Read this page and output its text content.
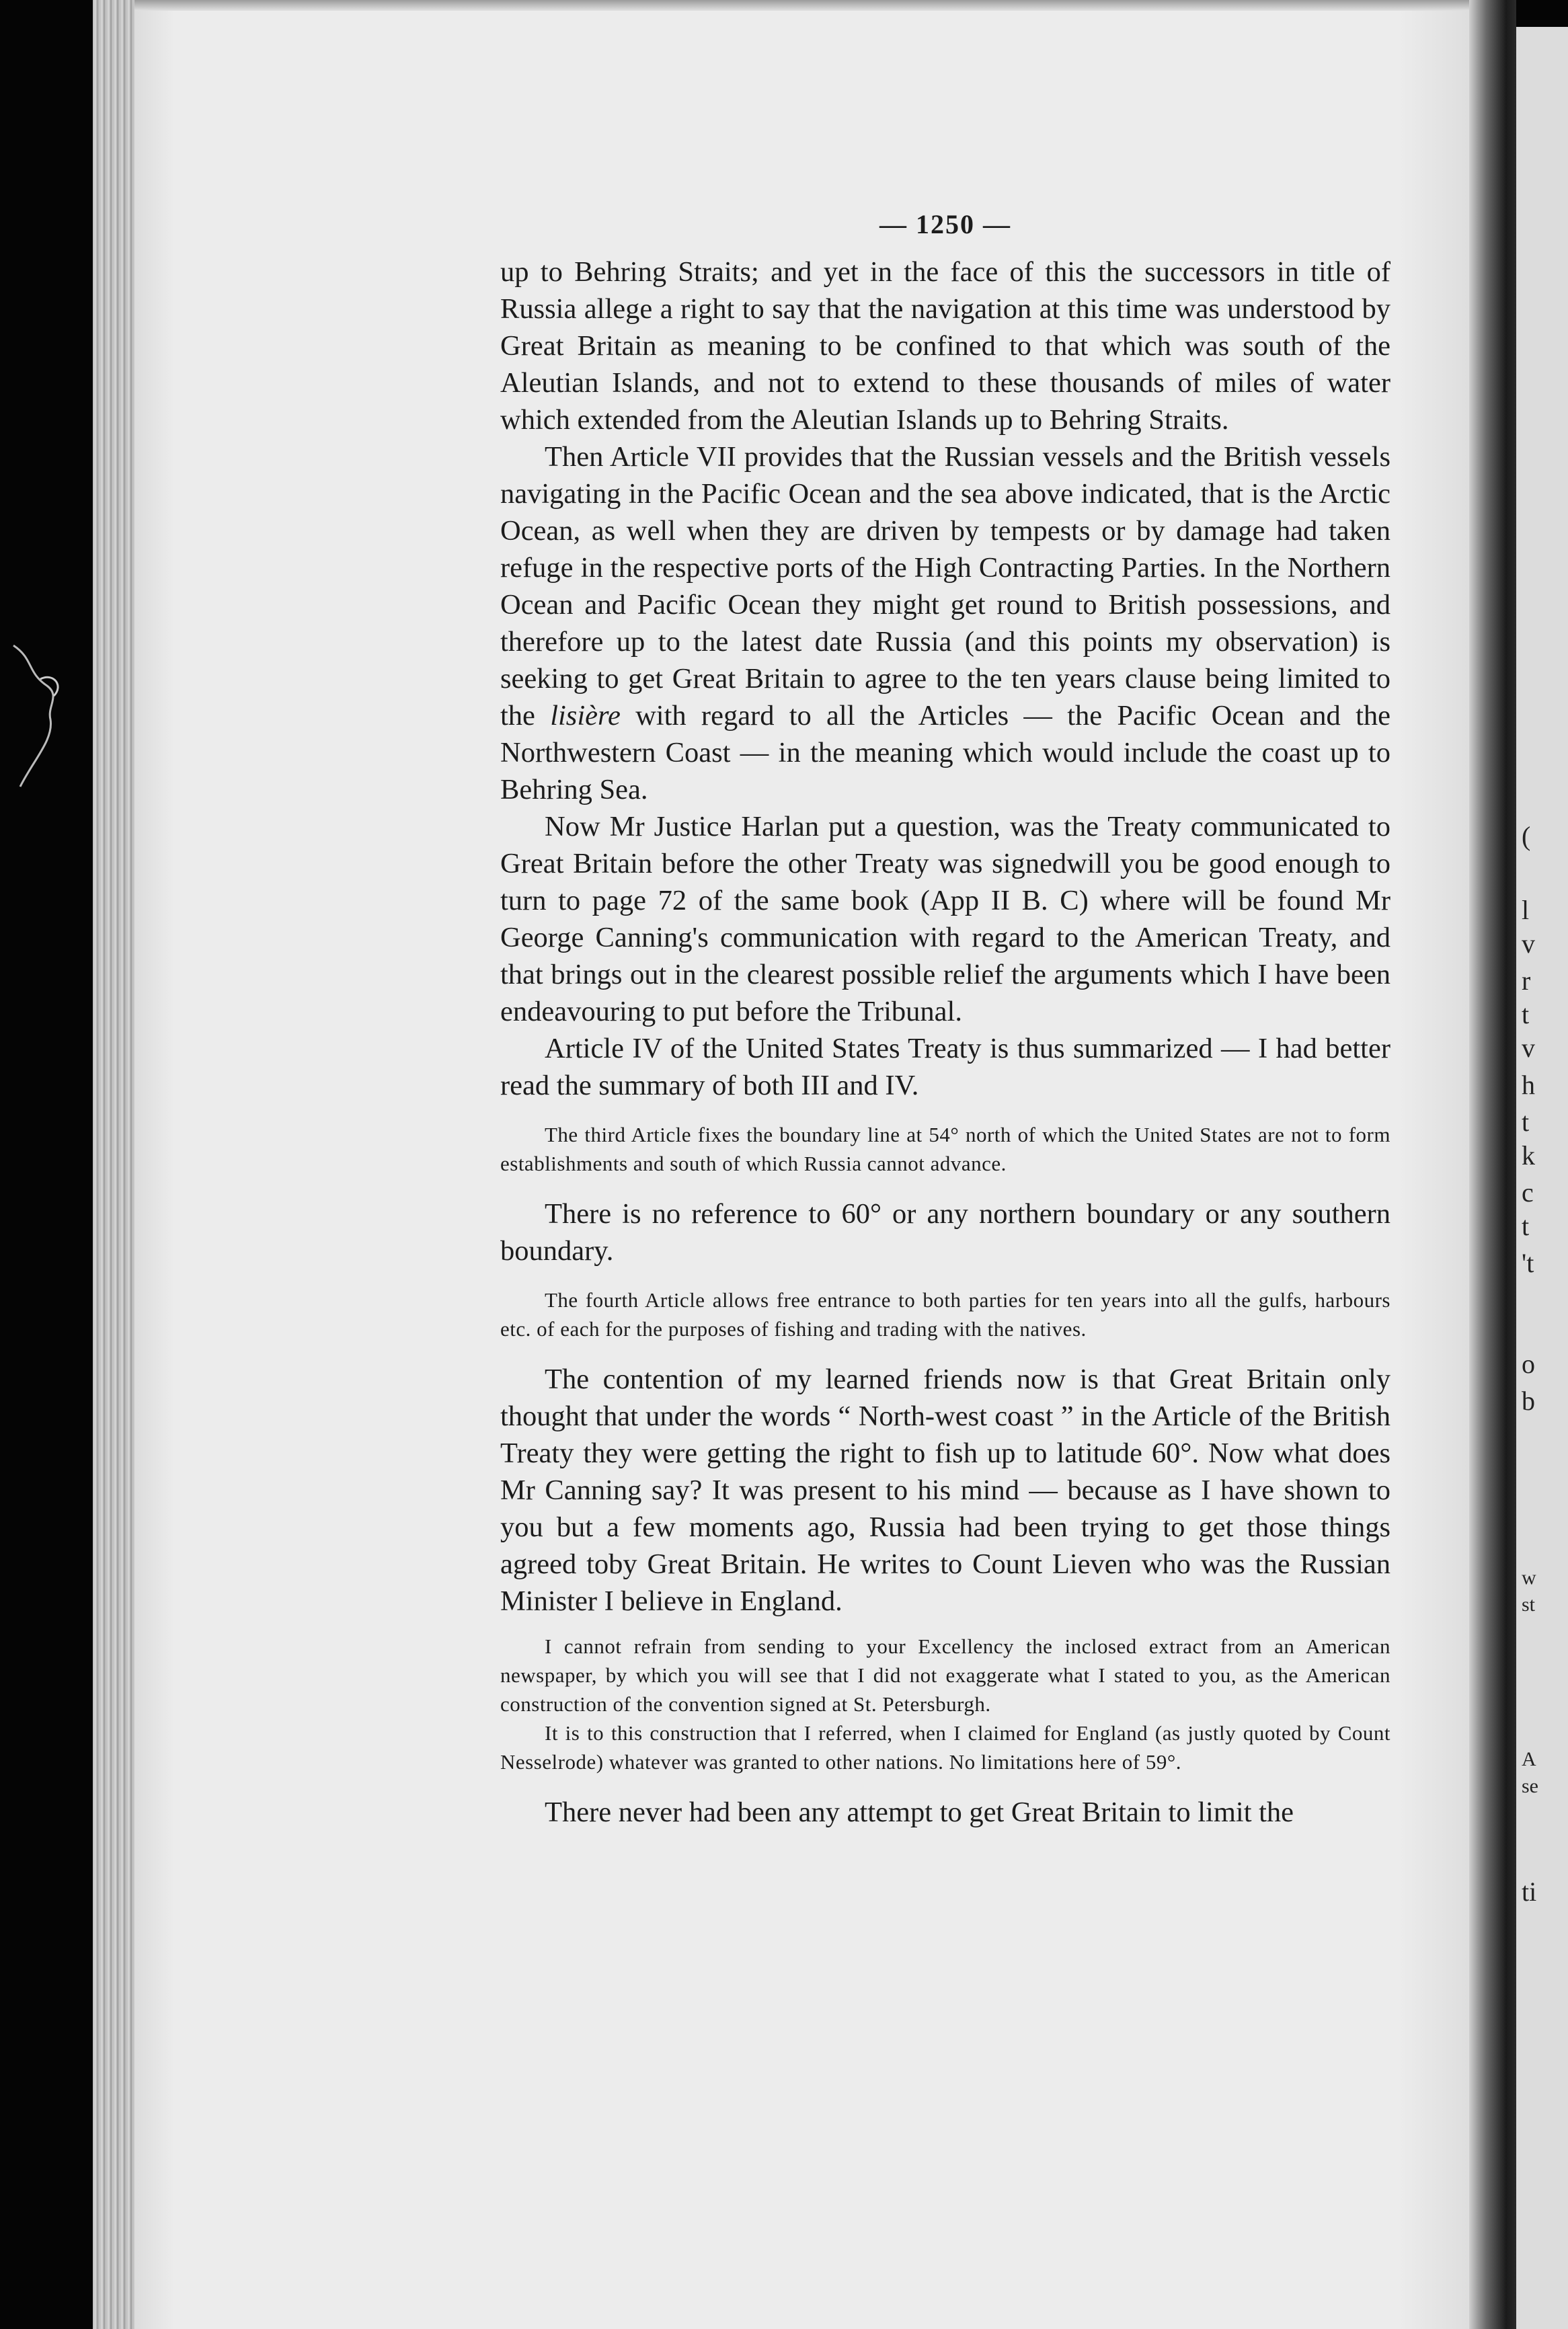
(
l
v
r
t
v
h
t
k
c
t
't
o
b
w
st
A
se
ti
— 1250 —

up to Behring Straits; and yet in the face of this the successors in title of Russia allege a right to say that the navigation at this time was understood by Great Britain as meaning to be confined to that which was south of the Aleutian Islands, and not to extend to these thousands of miles of water which extended from the Aleutian Islands up to Behring Straits.

Then Article VII provides that the Russian vessels and the British vessels navigating in the Pacific Ocean and the sea above indicated, that is the Arctic Ocean, as well when they are driven by tempests or by damage had taken refuge in the respective ports of the High Contracting Parties. In the Northern Ocean and Pacific Ocean they might get round to British possessions, and therefore up to the latest date Russia (and this points my observation) is seeking to get Great Britain to agree to the ten years clause being limited to the lisière with regard to all the Articles — the Pacific Ocean and the Northwestern Coast — in the meaning which would include the coast up to Behring Sea.

Now Mr Justice Harlan put a question, was the Treaty communicated to Great Britain before the other Treaty was signedwill you be good enough to turn to page 72 of the same book (App II B. C) where will be found Mr George Canning's communication with regard to the American Treaty, and that brings out in the clearest possible relief the arguments which I have been endeavouring to put before the Tribunal.

Article IV of the United States Treaty is thus summarized — I had better read the summary of both III and IV.

The third Article fixes the boundary line at 54° north of which the United States are not to form establishments and south of which Russia cannot advance.

There is no reference to 60° or any northern boundary or any southern boundary.

The fourth Article allows free entrance to both parties for ten years into all the gulfs, harbours etc. of each for the purposes of fishing and trading with the natives.

The contention of my learned friends now is that Great Britain only thought that under the words “ North-west coast ” in the Article of the British Treaty they were getting the right to fish up to latitude 60°. Now what does Mr Canning say? It was present to his mind — because as I have shown to you but a few moments ago, Russia had been trying to get those things agreed toby Great Britain. He writes to Count Lieven who was the Russian Minister I believe in England.

I cannot refrain from sending to your Excellency the inclosed extract from an American newspaper, by which you will see that I did not exaggerate what I stated to you, as the American construction of the convention signed at St. Petersburgh.

It is to this construction that I referred, when I claimed for England (as justly quoted by Count Nesselrode) whatever was granted to other nations. No limitations here of 59°.

There never had been any attempt to get Great Britain to limit the
